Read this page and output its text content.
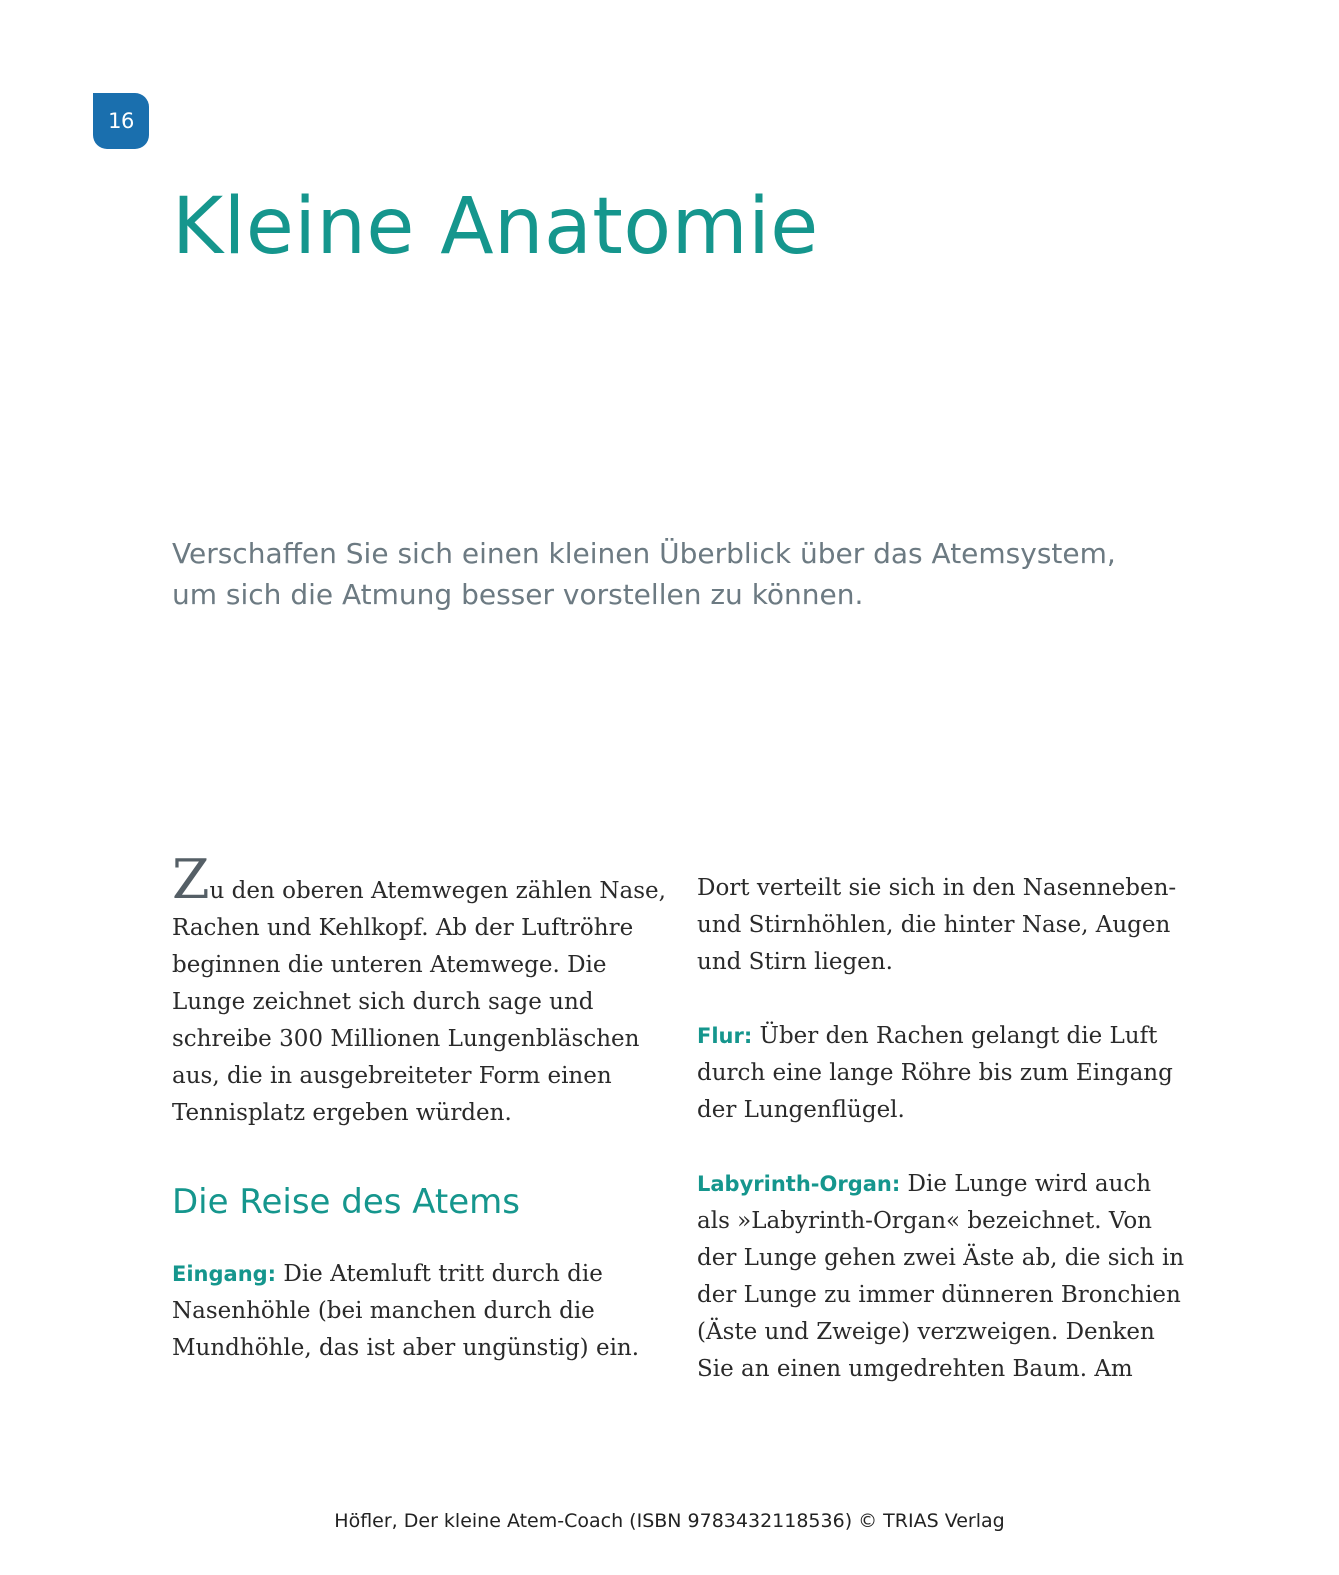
16
Kleine Anatomie

Verschaffen Sie sich einen kleinen Überblick über das Atemsystem,
um sich die Atmung besser vorstellen zu können.

Zu den oberen Atemwegen zählen Nase,
Rachen und Kehlkopf. Ab der Luftröhre
beginnen die unteren Atemwege. Die
Lunge zeichnet sich durch sage und
schreibe 300 Millionen Lungenbläschen
aus, die in ausgebreiteter Form einen
Tennisplatz ergeben würden.
Die Reise des Atems
Eingang: Die Atemluft tritt durch die
Nasenhöhle (bei manchen durch die
Mundhöhle, das ist aber ungünstig) ein.
Dort verteilt sie sich in den Nasenneben-
und Stirnhöhlen, die hinter Nase, Augen
und Stirn liegen.
Flur: Über den Rachen gelangt die Luft
durch eine lange Röhre bis zum Eingang
der Lungenflügel.
Labyrinth-Organ: Die Lunge wird auch
als »Labyrinth-Organ« bezeichnet. Von
der Lunge gehen zwei Äste ab, die sich in
der Lunge zu immer dünneren Bronchien
(Äste und Zweige) verzweigen. Denken
Sie an einen umgedrehten Baum. Am
Höfler, Der kleine Atem-Coach (ISBN 9783432118536) © TRIAS Verlag
